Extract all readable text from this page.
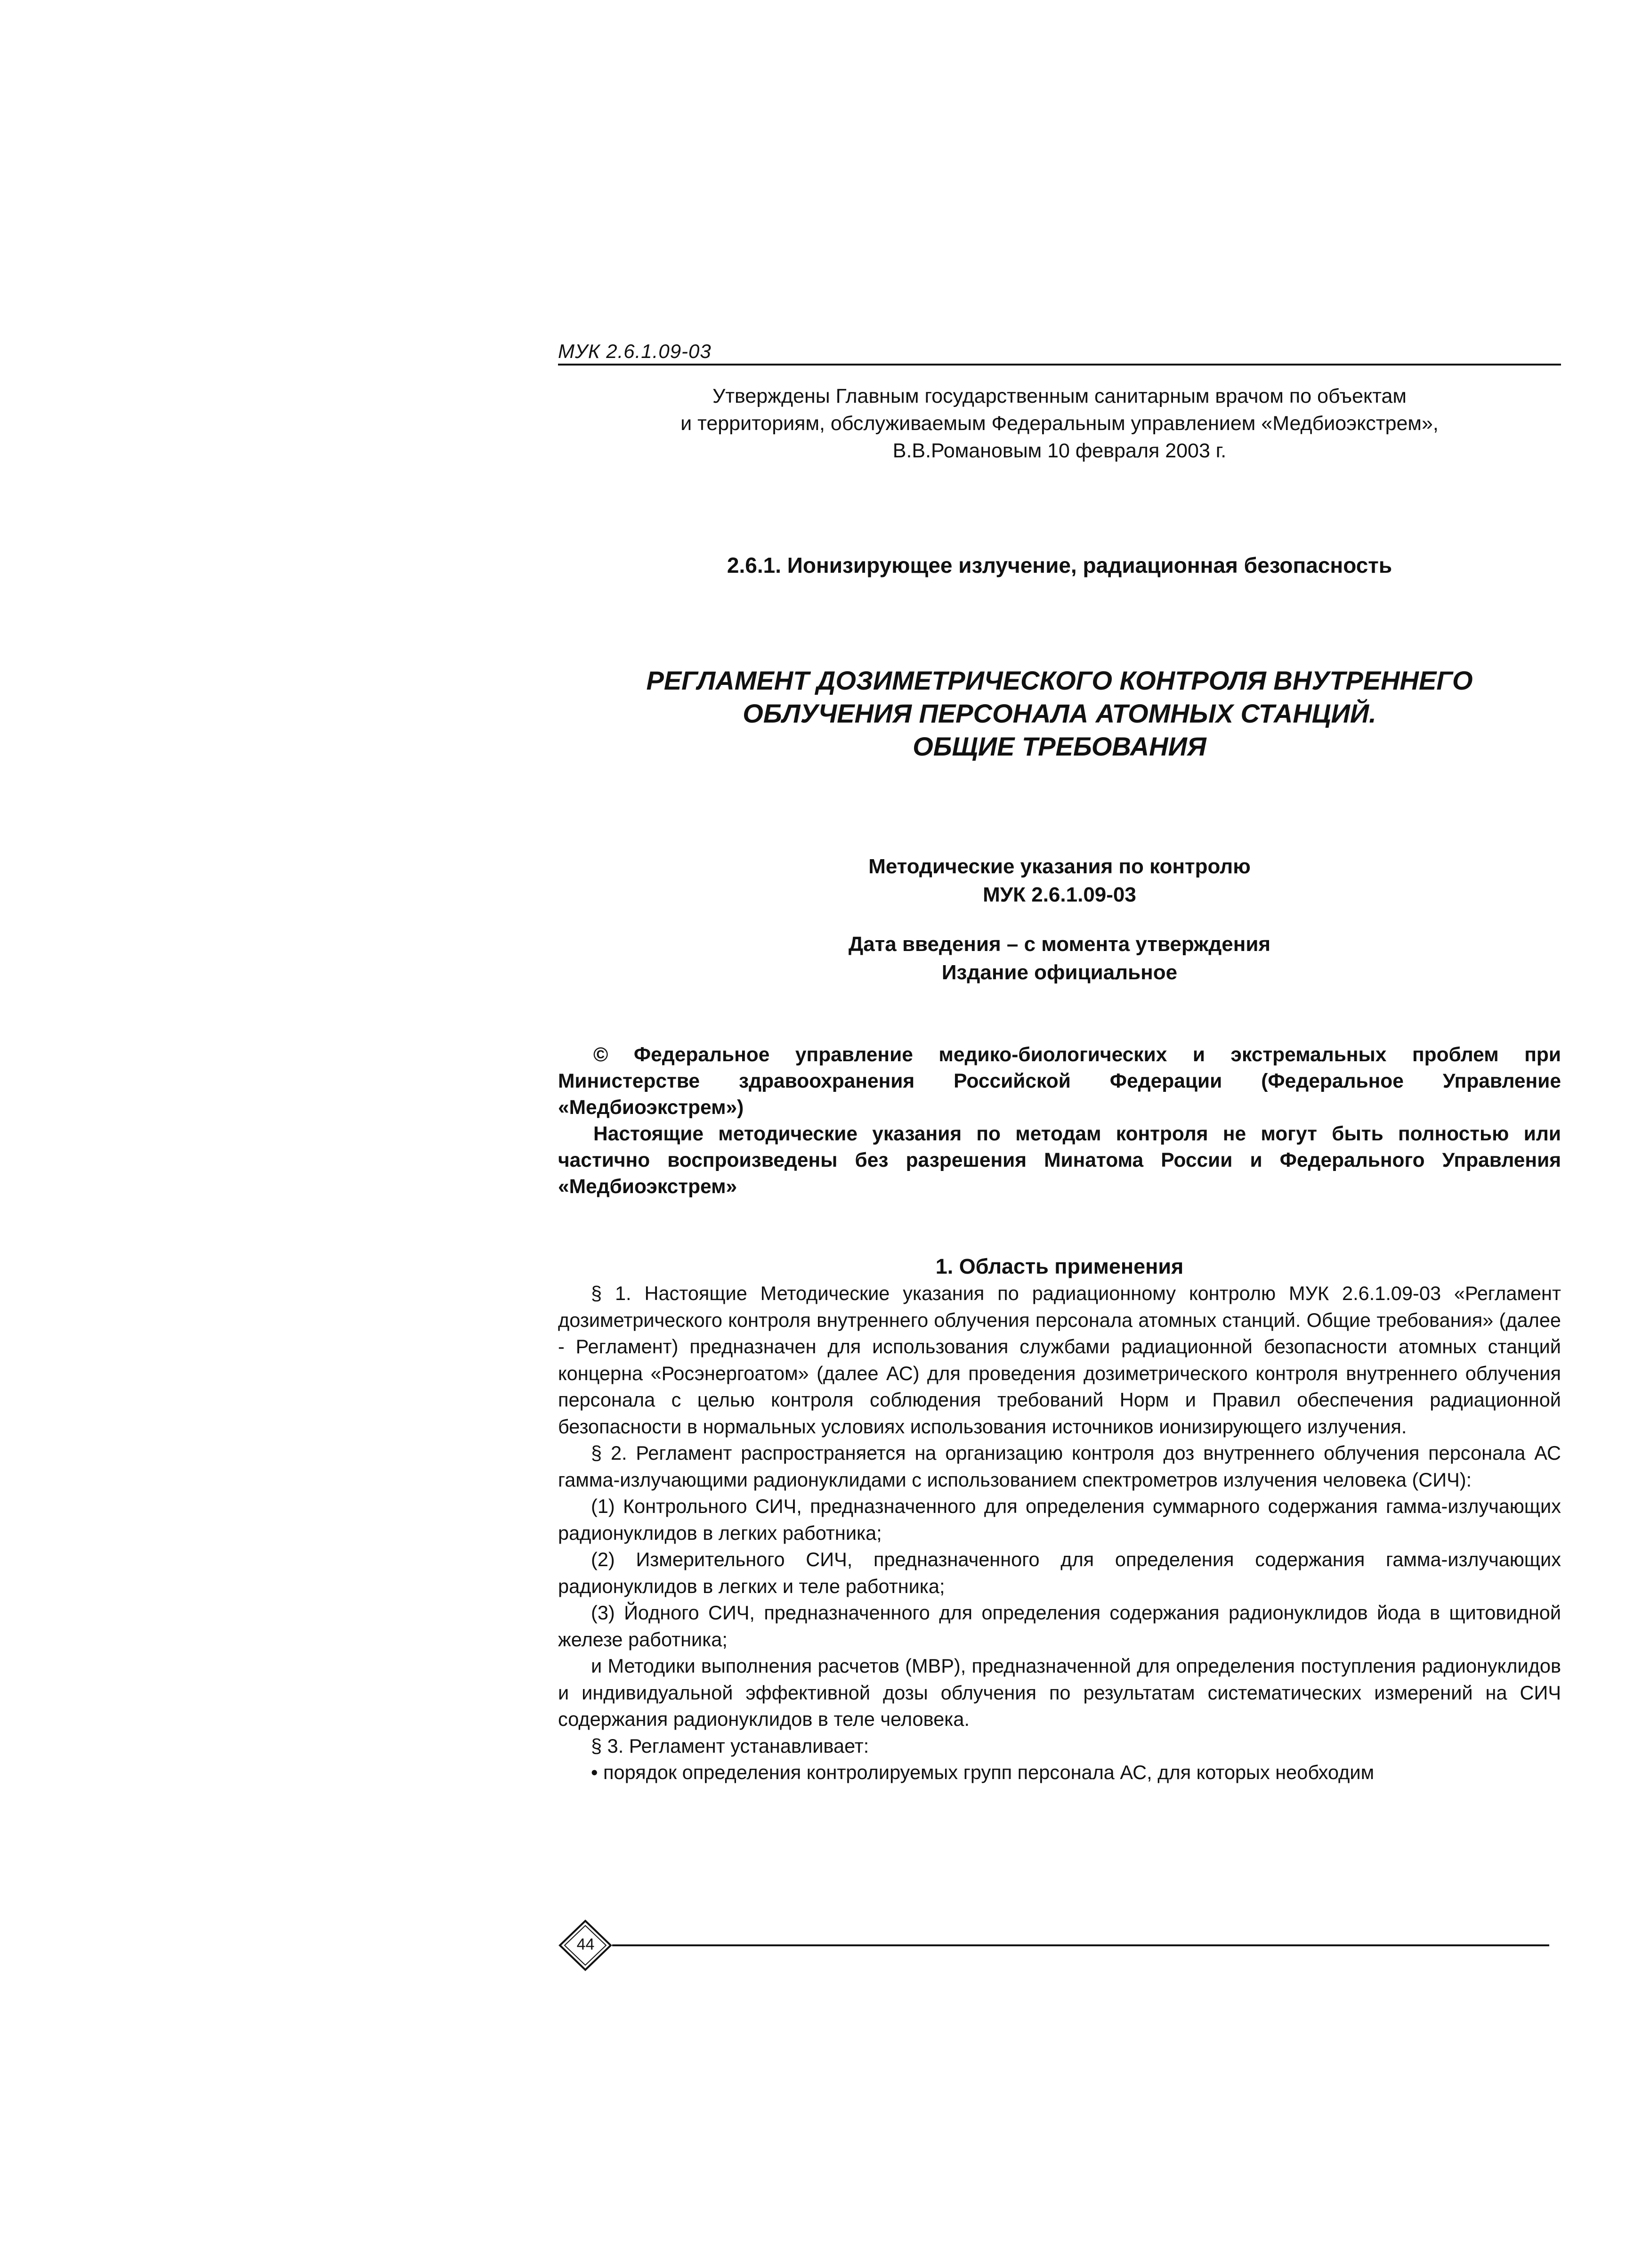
МУК 2.6.1.09-03
Утверждены Главным государственным санитарным врачом по объектам
и территориям, обслуживаемым Федеральным управлением «Медбиоэкстрем»,
В.В.Романовым 10 февраля 2003 г.
2.6.1. Ионизирующее излучение, радиационная безопасность
РЕГЛАМЕНТ ДОЗИМЕТРИЧЕСКОГО КОНТРОЛЯ ВНУТРЕННЕГО
ОБЛУЧЕНИЯ ПЕРСОНАЛА АТОМНЫХ СТАНЦИЙ.
ОБЩИЕ ТРЕБОВАНИЯ
Методические указания по контролю
МУК 2.6.1.09-03
Дата введения – с момента утверждения
Издание официальное

© Федеральное управление медико-биологических и экстремальных проблем при Министерстве здравоохранения Российской Федерации (Федеральное Управление «Медбиоэкстрем»)

Настоящие методические указания по методам контроля не могут быть полностью или частично воспроизведены без разрешения Минатома России и Федерального Управления «Медбиоэкстрем»

1. Область применения

§ 1. Настоящие Методические указания по радиационному контролю МУК 2.6.1.09-03 «Регламент дозиметрического контроля внутреннего облучения персонала атомных станций. Общие требования» (далее - Регламент) предназначен для использования службами радиационной безопасности атомных станций концерна «Росэнергоатом» (далее АС) для проведения дозиметрического контроля внутреннего облучения персонала с целью контроля соблюдения требований Норм и Правил обеспечения радиационной безопасности в нормальных условиях использования источников ионизирующего излучения.

§ 2. Регламент распространяется на организацию контроля доз внутреннего облучения персонала АС гамма-излучающими радионуклидами с использованием спектрометров излучения человека (СИЧ):

(1) Контрольного СИЧ, предназначенного для определения суммарного содержания гамма-излучающих радионуклидов в легких работника;

(2) Измерительного СИЧ, предназначенного для определения содержания гамма-излучающих радионуклидов в легких и теле работника;

(3) Йодного СИЧ, предназначенного для определения содержания радионуклидов йода в щитовидной железе работника;

и Методики выполнения расчетов (МВР), предназначенной для определения поступления радионуклидов и индивидуальной эффективной дозы облучения по результатам систематических измерений на СИЧ содержания радионуклидов в теле человека.

§ 3. Регламент устанавливает:

• порядок определения контролируемых групп персонала АС, для которых необходим

44
